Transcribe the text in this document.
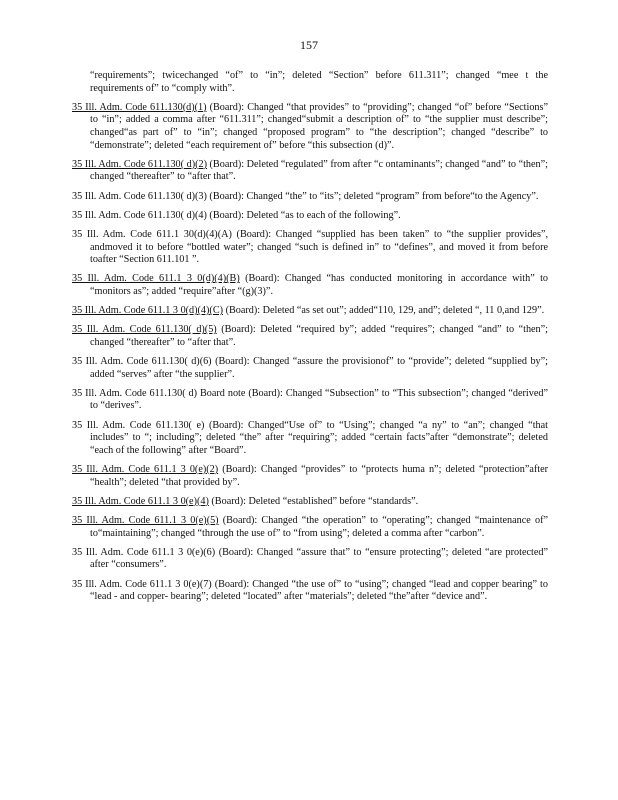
157

“requirements”; twicechanged “of” to “in”; deleted “Section” before 611.311”; changed “mee t the requirements of” to “comply with”.

35 Ill. Adm. Code 611.130(d)(1) (Board): Changed “that provides” to “providing”; changed “of” before “Sections” to “in”; added a comma after “611.311”; changed“submit a description of” to “the supplier must describe”; changed“as part of” to “in”; changed “proposed program” to “the description”; changed “describe” to “demonstrate”; deleted “each requirement of” before “this subsection (d)”.

35 Ill. Adm. Code 611.130( d)(2) (Board): Deleted “regulated” from after “c ontaminants”; changed “and” to “then”; changed “thereafter” to “after that”.

35 Ill. Adm. Code 611.130( d)(3) (Board): Changed “the” to “its”; deleted “program” from before“to the Agency”.

35 Ill. Adm. Code 611.130( d)(4) (Board): Deleted “as to each of the following”.

35 Ill. Adm. Code 611.1 30(d)(4)(A) (Board): Changed “supplied has been taken” to “the supplier provides”, andmoved it to before “bottled water”; changed “such is defined in” to “defines”, and moved it from before toafter “Section 611.101 ”.

35 Ill. Adm. Code 611.1 3 0(d)(4)(B) (Board): Changed “has conducted monitoring in accordance with” to “monitors as”; added “require”after “(g)(3)”.

35 Ill. Adm. Code 611.1 3 0(d)(4)(C) (Board): Deleted “as set out”; added“110, 129, and”; deleted “, 11 0,and 129”.

35 Ill. Adm. Code 611.130( d)(5) (Board): Deleted “required by”; added “requires”; changed “and” to “then”; changed “thereafter” to “after that”.

35 Ill. Adm. Code 611.130( d)(6) (Board): Changed “assure the provisionof” to “provide”; deleted “supplied by”; added “serves” after “the supplier”.

35 Ill. Adm. Code 611.130( d) Board note (Board): Changed “Subsection” to “This subsection”; changed “derived” to “derives”.

35 Ill. Adm. Code 611.130( e) (Board): Changed“Use of” to “Using”; changed “a ny” to “an”; changed “that includes” to “; including”; deleted “the” after “requiring”; added “certain facts”after “demonstrate”; deleted “each of the following” after “Board”.

35 Ill. Adm. Code 611.1 3 0(e)(2) (Board): Changed “provides” to “protects huma n”; deleted “protection”after “health”; deleted “that provided by”.

35 Ill. Adm. Code 611.1 3 0(e)(4) (Board): Deleted “established” before “standards”.

35 Ill. Adm. Code 611.1 3 0(e)(5) (Board): Changed “the operation” to “operating”; changed “maintenance of” to“maintaining”; changed “through the use of” to “from using”; deleted a comma after “carbon”.

35 Ill. Adm. Code 611.1 3 0(e)(6) (Board): Changed “assure that” to “ensure protecting”; deleted “are protected” after “consumers”.

35 Ill. Adm. Code 611.1 3 0(e)(7) (Board): Changed “the use of” to “using”; changed “lead and copper bearing” to “lead - and copper- bearing”; deleted “located” after “materials”; deleted “the”after “device and”.
